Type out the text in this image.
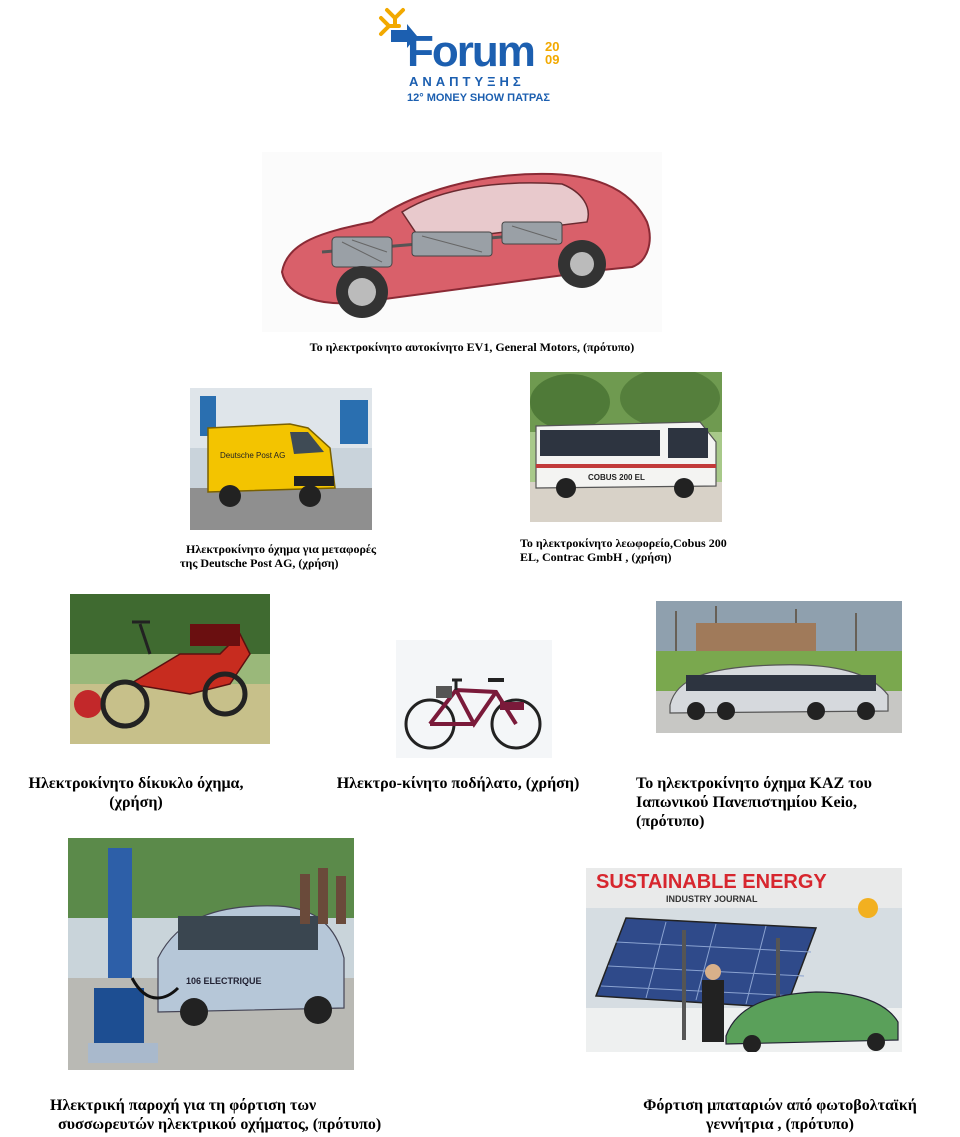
Forum 20
09
ΑΝΑΠΤΥΞΗΣ
12° MONEY SHOW ΠΑΤΡΑΣ
Το ηλεκτροκίνητο αυτοκίνητο EV1, General Motors, (πρότυπο)
Deutsche Post AG
Ηλεκτροκίνητο όχημα για μεταφορές
της Deutsche Post AG, (χρήση)
COBUS 200 EL
Το ηλεκτροκίνητο λεωφορείο,Cobus 200
EL, Contrac GmbH , (χρήση)
Ηλεκτροκίνητο δίκυκλο όχημα,
(χρήση)
Ηλεκτρο-κίνητο ποδήλατο, (χρήση)	Το ηλεκτροκίνητο όχημα KAZ του
Ιαπωνικού Πανεπιστημίου Keio,
(πρότυπο)
106 ELECTRIQUE
Ηλεκτρική παροχή για τη φόρτιση των
συσσωρευτών ηλεκτρικού οχήματος, (πρότυπο)
SUSTAINABLE ENERGY
INDUSTRY JOURNAL
Φόρτιση μπαταριών από φωτοβολταϊκή
γεννήτρια , (πρότυπο)
